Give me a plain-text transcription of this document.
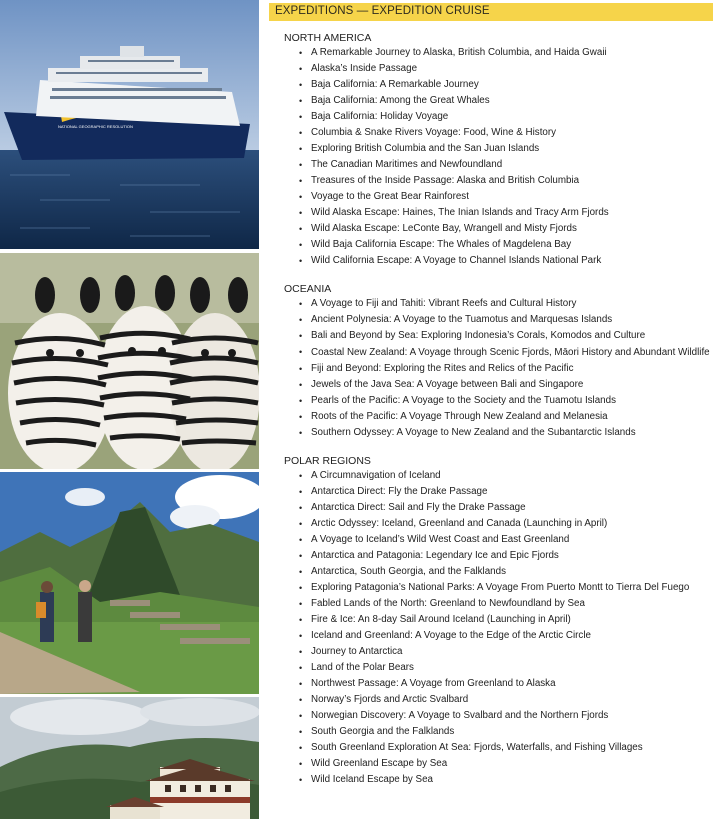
NATIONAL GEOGRAPHIC RESOLUTION
EXPEDITIONS — EXPEDITION CRUISE
NORTH AMERICA
• A Remarkable Journey to Alaska, British Columbia, and Haida Gwaii
• Alaska’s Inside Passage
• Baja California: A Remarkable Journey
• Baja California: Among the Great Whales
• Baja California: Holiday Voyage
• Columbia & Snake Rivers Voyage: Food, Wine & History
• Exploring British Columbia and the San Juan Islands
• The Canadian Maritimes and Newfoundland
• Treasures of the Inside Passage: Alaska and British Columbia
• Voyage to the Great Bear Rainforest
• Wild Alaska Escape: Haines, The Inian Islands and Tracy Arm Fjords
• Wild Alaska Escape: LeConte Bay, Wrangell and Misty Fjords
• Wild Baja California Escape: The Whales of Magdelena Bay
• Wild California Escape: A Voyage to Channel Islands National Park
OCEANIA
• A Voyage to Fiji and Tahiti: Vibrant Reefs and Cultural History
• Ancient Polynesia: A Voyage to the Tuamotus and Marquesas Islands
• Bali and Beyond by Sea: Exploring Indonesia’s Corals, Komodos and Culture
• Coastal New Zealand: A Voyage through Scenic Fjords, Māori History and Abundant Wildlife
• Fiji and Beyond: Exploring the Rites and Relics of the Pacific
• Jewels of the Java Sea: A Voyage between Bali and Singapore
• Pearls of the Pacific: A Voyage to the Society and the Tuamotu Islands
• Roots of the Pacific: A Voyage Through New Zealand and Melanesia
• Southern Odyssey: A Voyage to New Zealand and the Subantarctic Islands
POLAR REGIONS
• A Circumnavigation of Iceland
• Antarctica Direct: Fly the Drake Passage
• Antarctica Direct: Sail and Fly the Drake Passage
• Arctic Odyssey: Iceland, Greenland and Canada (Launching in April)
• A Voyage to Iceland’s Wild West Coast and East Greenland
• Antarctica and Patagonia: Legendary Ice and Epic Fjords
• Antarctica, South Georgia, and the Falklands
• Exploring Patagonia’s National Parks: A Voyage From Puerto Montt to Tierra Del Fuego
• Fabled Lands of the North: Greenland to Newfoundland by Sea
• Fire & Ice: An 8-day Sail Around Iceland (Launching in April)
• Iceland and Greenland: A Voyage to the Edge of the Arctic Circle
• Journey to Antarctica
• Land of the Polar Bears
• Northwest Passage: A Voyage from Greenland to Alaska
• Norway’s Fjords and Arctic Svalbard
• Norwegian Discovery: A Voyage to Svalbard and the Northern Fjords
• South Georgia and the Falklands
• South Greenland Exploration At Sea: Fjords, Waterfalls, and Fishing Villages
• Wild Greenland Escape by Sea
• Wild Iceland Escape by Sea
